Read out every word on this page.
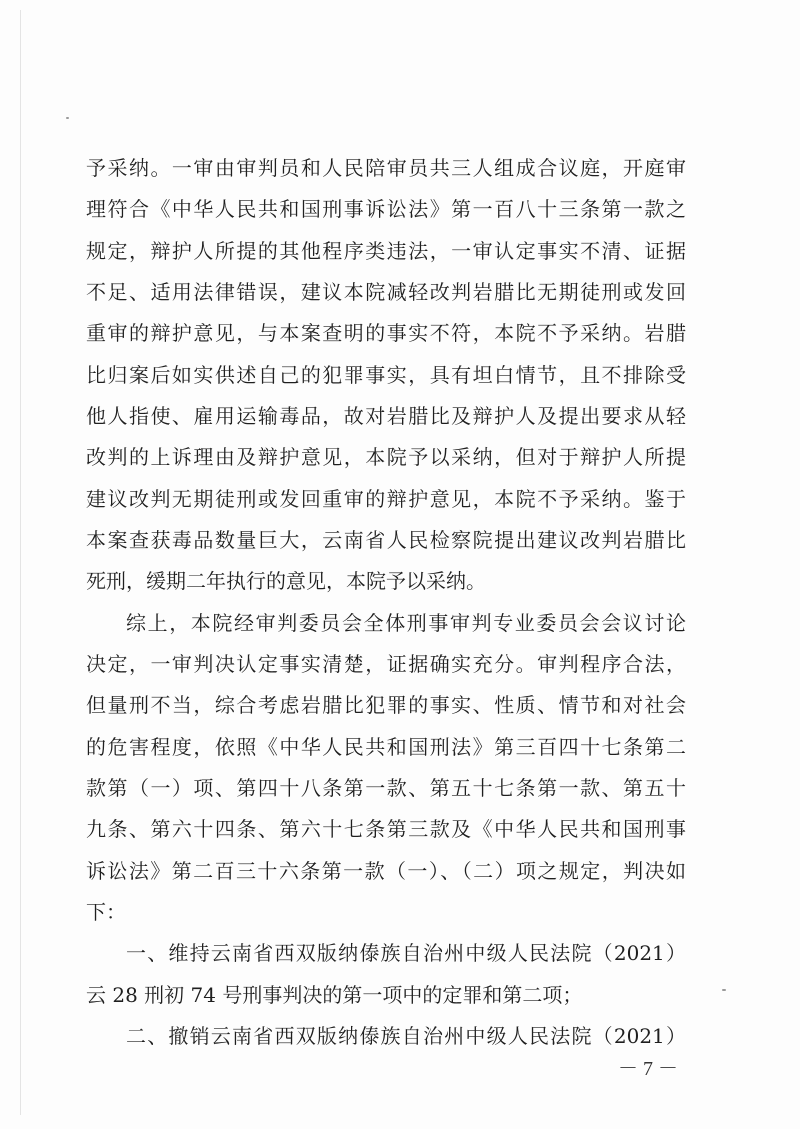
予采纳。一审由审判员和人民陪审员共三人组成合议庭，开庭审
理符合《中华人民共和国刑事诉讼法》第一百八十三条第一款之
规定，辩护人所提的其他程序类违法，一审认定事实不清、证据
不足、适用法律错误，建议本院减轻改判岩腊比无期徒刑或发回
重审的辩护意见，与本案查明的事实不符，本院不予采纳。岩腊
比归案后如实供述自己的犯罪事实，具有坦白情节，且不排除受
他人指使、雇用运输毒品，故对岩腊比及辩护人及提出要求从轻
改判的上诉理由及辩护意见，本院予以采纳，但对于辩护人所提
建议改判无期徒刑或发回重审的辩护意见，本院不予采纳。鉴于
本案查获毒品数量巨大，云南省人民检察院提出建议改判岩腊比
死刑，缓期二年执行的意见，本院予以采纳。
综上，本院经审判委员会全体刑事审判专业委员会会议讨论
决定，一审判决认定事实清楚，证据确实充分。审判程序合法，
但量刑不当，综合考虑岩腊比犯罪的事实、性质、情节和对社会
的危害程度，依照《中华人民共和国刑法》第三百四十七条第二
款第（一）项、第四十八条第一款、第五十七条第一款、第五十
九条、第六十四条、第六十七条第三款及《中华人民共和国刑事
诉讼法》第二百三十六条第一款（一）、（二）项之规定，判决如
下：
一、维持云南省西双版纳傣族自治州中级人民法院（2021）
云 28 刑初 74 号刑事判决的第一项中的定罪和第二项；
二、撤销云南省西双版纳傣族自治州中级人民法院（2021）
－ 7 －
